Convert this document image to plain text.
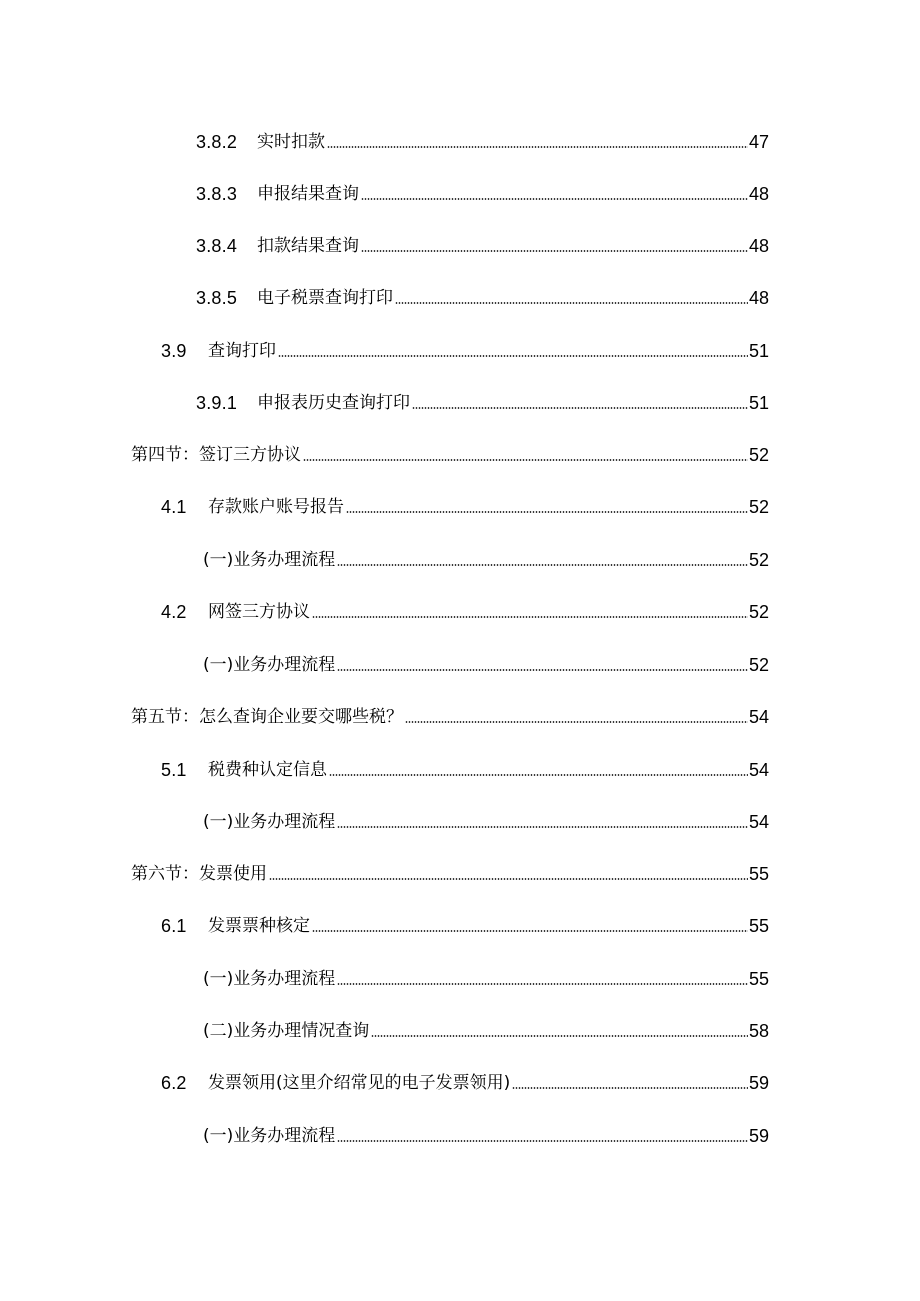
3.8.2	实时扣款	47
3.8.3	申报结果查询	48
3.8.4	扣款结果查询	48
3.8.5	电子税票查询打印	48
3.9	查询打印	51
3.9.1	申报表历史查询打印	51
第四节：签订三方协议	52
4.1	存款账户账号报告	52
(一)业务办理流程	52
4.2	网签三方协议	52
(一)业务办理流程	52
第五节：怎么查询企业要交哪些税？	54
5.1	税费种认定信息	54
(一)业务办理流程	54
第六节：发票使用	55
6.1	发票票种核定	55
(一)业务办理流程	55
(二)业务办理情况查询	58
6.2	发票领用(这里介绍常见的电子发票领用)	59
(一)业务办理流程	59
